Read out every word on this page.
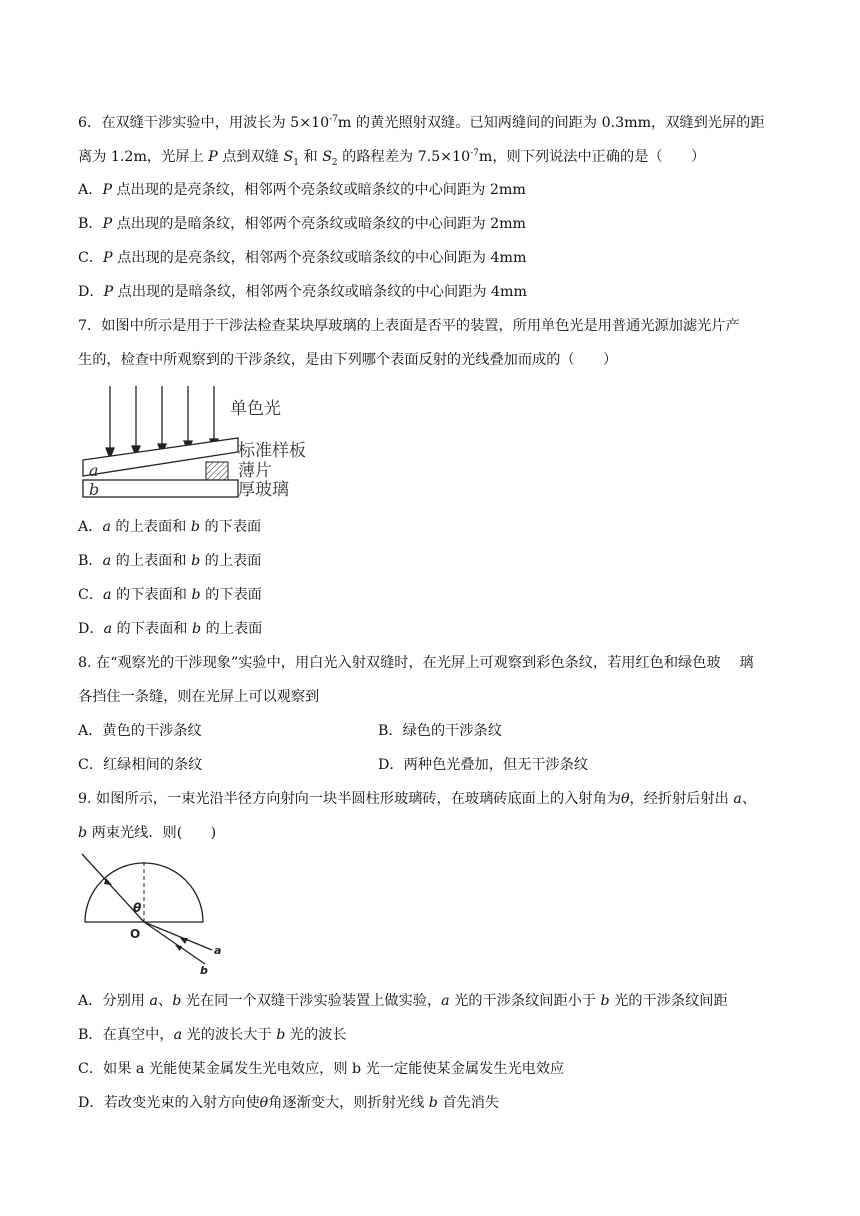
6．在双缝干涉实验中，用波长为 $5\times 10^{-7}m$ 的黄光照射双缝。已知两缝间的间距为 0.3mm，双缝到光屏的距
离为 1.2m，光屏上 P 点到双缝 $S_1$ 和 $S_2$ 的路程差为 $7.5\times 10^{-7}m$，则下列说法中正确的是（　　）
A．P 点出现的是亮条纹，相邻两个亮条纹或暗条纹的中心间距为 2mm
B．P 点出现的是暗条纹，相邻两个亮条纹或暗条纹的中心间距为 2mm
C．P 点出现的是亮条纹，相邻两个亮条纹或暗条纹的中心间距为 4mm
D．P 点出现的是暗条纹，相邻两个亮条纹或暗条纹的中心间距为 4mm
7．如图中所示是用于干涉法检查某块厚玻璃的上表面是否平的装置，所用单色光是用普通光源加滤光片产
生的，检查中所观察到的干涉条纹，是由下列哪个表面反射的光线叠加而成的（　　）
单色光
标准样板
薄片
厚玻璃
a
b
A．a 的上表面和 b 的下表面
B．a 的上表面和 b 的上表面
C．a 的下表面和 b 的下表面
D．a 的下表面和 b 的上表面
8. 在“观察光的干涉现象”实验中，用白光入射双缝时，在光屏上可观察到彩色条纹，若用红色和绿色玻　 璃
各挡住一条缝，则在光屏上可以观察到
A．黄色的干涉条纹	B．绿色的干涉条纹
C．红绿相间的条纹	D．两种色光叠加，但无干涉条纹
9. 如图所示，一束光沿半径方向射向一块半圆柱形玻璃砖，在玻璃砖底面上的入射角为θ，经折射后射出 a、
b 两束光线．则(　　)
θ
O
a
b
A．分别用 a、b 光在同一个双缝干涉实验装置上做实验，a 光的干涉条纹间距小于 b 光的干涉条纹间距
B．在真空中，a 光的波长大于 b 光的波长
C．如果 a 光能使某金属发生光电效应，则 b 光一定能使某金属发生光电效应
D．若改变光束的入射方向使θ角逐渐变大，则折射光线 b 首先消失
